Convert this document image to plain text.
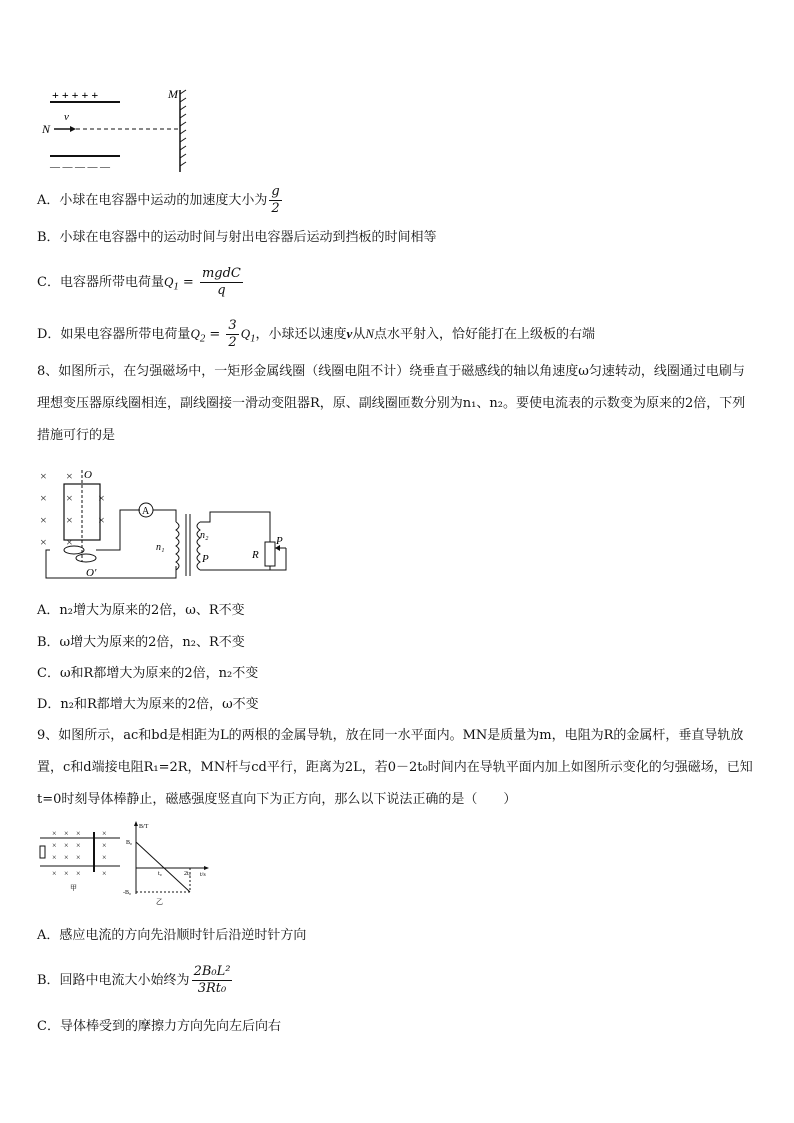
+ + + + +	M
N
v
— — — — —
A．小球在电容器中运动的加速度大小为 $\frac{g}{2}$
B．小球在电容器中的运动时间与射出电容器后运动到挡板的时间相等
C．电容器所带电荷量$Q_1 = \frac{\text{mgdC}}{q}$
D．如果电容器所带电荷量$Q_2 = \frac{3}{2} Q_1$，小球还以速度v从N点水平射入，恰好能打在上级板的右端
8、如图所示，在匀强磁场中，一矩形金属线圈（线圈电阻不计）绕垂直于磁感线的轴以角速度ω匀速转动，线圈通过电刷与理想变压器原线圈相连，副线圈接一滑动变阻器R，原、副线圈匝数分别为n₁、n₂。要使电流表的示数变为原来的2倍，下列措施可行的是
×
×
×
×
×
×
×
×
×
×
O
O′
A
n₁
n₂
P	R
P
A．n₂增大为原来的2倍，ω、R不变
B．ω增大为原来的2倍，n₂、R不变
C．ω和R都增大为原来的2倍，n₂不变
D．n₂和R都增大为原来的2倍，ω不变
9、如图所示，ac和bd是相距为L的两根的金属导轨，放在同一水平面内。MN是质量为m，电阻为R的金属杆，垂直导轨放置，c和d端接电阻R₁=2R，MN杆与cd平行，距离为2L，若0－2t₀时间内在导轨平面内加上如图所示变化的匀强磁场，已知t=0时刻导体棒静止，磁感强度竖直向下为正方向，那么以下说法正确的是（　　）
× × ×	×
× × ×	×
× × ×	×
× × ×	×
甲
B/T
t/s
B₀
-B₀
t₀	2t₀
乙
A．感应电流的方向先沿顺时针后沿逆时针方向
B．回路中电流大小始终为 $\frac{\text{2B₀L²}}{\text{3Rt₀}}$
C．导体棒受到的摩擦力方向先向左后向右
